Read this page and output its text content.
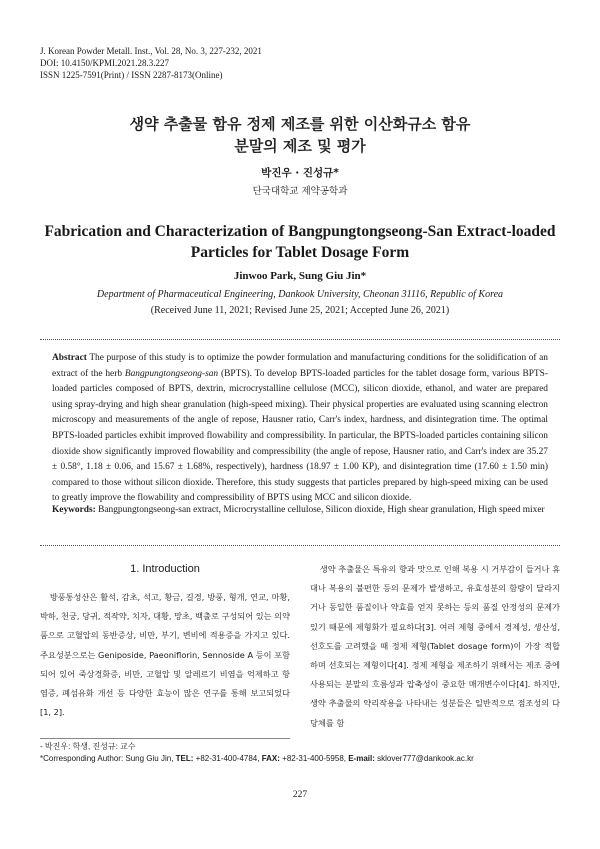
J. Korean Powder Metall. Inst., Vol. 28, No. 3, 227-232, 2021
DOI: 10.4150/KPMI.2021.28.3.227
ISSN 1225-7591(Print) / ISSN 2287-8173(Online)
생약 추출물 함유 정제 제조를 위한 이산화규소 함유
분말의 제조 및 평가
박진우 · 진성규*
단국대학교 제약공학과
Fabrication and Characterization of Bangpungtongseong-San Extract-loaded
Particles for Tablet Dosage Form
Jinwoo Park, Sung Giu Jin*
Department of Pharmaceutical Engineering, Dankook University, Cheonan 31116, Republic of Korea
(Received June 11, 2021; Revised June 25, 2021; Accepted June 26, 2021)
Abstract The purpose of this study is to optimize the powder formulation and manufacturing conditions for the solidification of an extract of the herb Bangpungtongseong-san (BPTS). To develop BPTS-loaded particles for the tablet dosage form, various BPTS-loaded particles composed of BPTS, dextrin, microcrystalline cellulose (MCC), silicon dioxide, ethanol, and water are prepared using spray-drying and high shear granulation (high-speed mixing). Their physical properties are evaluated using scanning electron microscopy and measurements of the angle of repose, Hausner ratio, Carr's index, hardness, and disintegration time. The optimal BPTS-loaded particles exhibit improved flowability and compressibility. In particular, the BPTS-loaded particles containing silicon dioxide show significantly improved flowability and compressibility (the angle of repose, Hausner ratio, and Carr's index are 35.27 ± 0.58°, 1.18 ± 0.06, and 15.67 ± 1.68%, respectively), hardness (18.97 ± 1.00 KP), and disintegration time (17.60 ± 1.50 min) compared to those without silicon dioxide. Therefore, this study suggests that particles prepared by high-speed mixing can be used to greatly improve the flowability and compressibility of BPTS using MCC and silicon dioxide.
Keywords: Bangpungtongseong-san extract, Microcrystalline cellulose, Silicon dioxide, High shear granulation, High speed mixer
1. Introduction

방풍통성산은 활석, 감초, 석고, 황금, 길경, 방풍, 형개, 연교, 마황, 박하, 천궁, 당귀, 적작약, 치자, 대황, 망초, 백출로 구성되어 있는 의약품으로 고혈압의 동반증상, 비만, 부기, 변비에 적용증을 가지고 있다. 주요성분으로는 Geniposide, Paeoniflorin, Sennoside A 등이 포함되어 있어 죽상경화증, 비만, 고혈압 및 알레르기 비염을 억제하고 항염증, 폐섬유화 개선 등 다양한 효능이 많은 연구를 통해 보고되었다[1, 2].

생약 추출물은 특유의 향과 맛으로 인해 복용 시 거부감이 들거나 휴대나 복용의 불편한 등의 문제가 발생하고, 유효성분의 함량이 달라지거나 동일한 품질이나 약효를 얻지 못하는 등의 품질 안정성의 문제가 있기 때문에 제형화가 필요하다[3]. 여러 제형 중에서 경제성, 생산성, 선호도를 고려했을 때 정제 제형(Tablet dosage form)이 가장 적합하며 선호되는 제형이다[4]. 정제 제형을 제조하기 위해서는 제조 중에 사용되는 분말의 흐름성과 압축성이 중요한 매개변수이다[4]. 하지만, 생약 추출물의 약리작용을 나타내는 성분들은 일반적으로 점조성의 다당체를 함

- 박진우: 학생, 진성규: 교수
*Corresponding Author: Sung Giu Jin, TEL: +82-31-400-4784, FAX: +82-31-400-5958, E-mail: sklover777@dankook.ac.kr
227
